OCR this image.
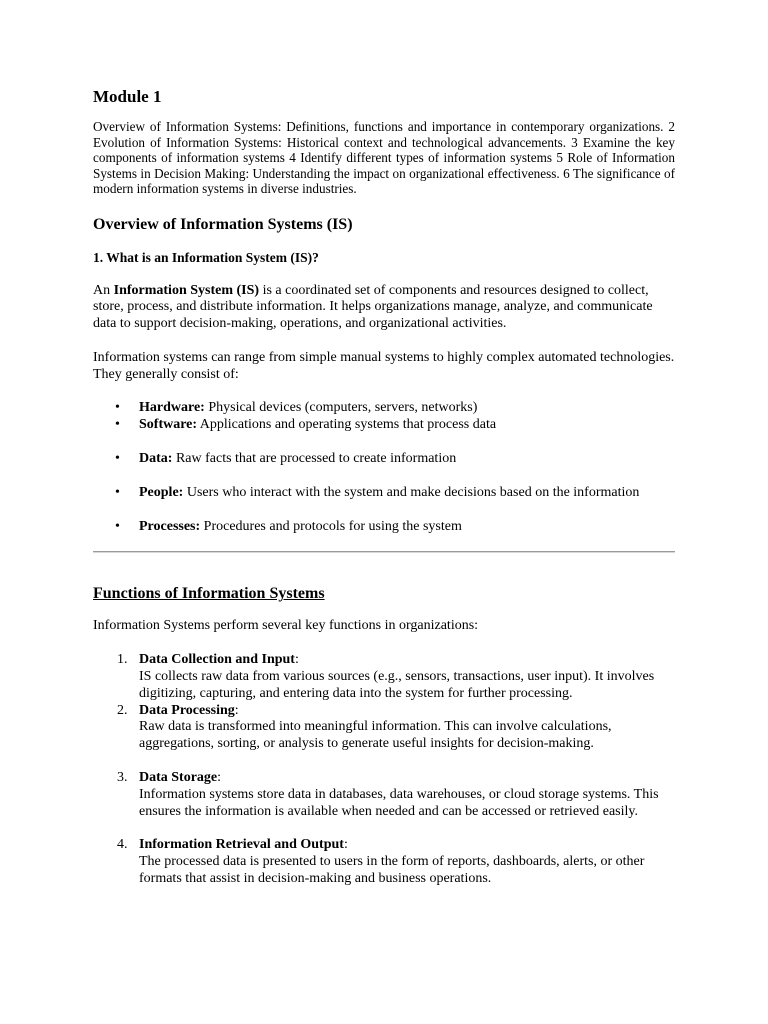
Module 1

Overview of Information Systems: Definitions, functions and importance in contemporary organizations. 2 Evolution of Information Systems: Historical context and technological advancements. 3 Examine the key components of information systems 4 Identify different types of information systems 5 Role of Information Systems in Decision Making: Understanding the impact on organizational effectiveness. 6 The significance of modern information systems in diverse industries.

Overview of Information Systems (IS)
1. What is an Information System (IS)?

An Information System (IS) is a coordinated set of components and resources designed to collect, store, process, and distribute information. It helps organizations manage, analyze, and communicate data to support decision-making, operations, and organizational activities.

Information systems can range from simple manual systems to highly complex automated technologies. They generally consist of:

• Hardware: Physical devices (computers, servers, networks)
• Software: Applications and operating systems that process data
• Data: Raw facts that are processed to create information
• People: Users who interact with the system and make decisions based on the information
• Processes: Procedures and protocols for using the system
Functions of Information Systems

Information Systems perform several key functions in organizations:

1. Data Collection and Input:
IS collects raw data from various sources (e.g., sensors, transactions, user input). It involves digitizing, capturing, and entering data into the system for further processing.
2. Data Processing:
Raw data is transformed into meaningful information. This can involve calculations, aggregations, sorting, or analysis to generate useful insights for decision-making.
3. Data Storage:
Information systems store data in databases, data warehouses, or cloud storage systems. This ensures the information is available when needed and can be accessed or retrieved easily.
4. Information Retrieval and Output:
The processed data is presented to users in the form of reports, dashboards, alerts, or other formats that assist in decision-making and business operations.
